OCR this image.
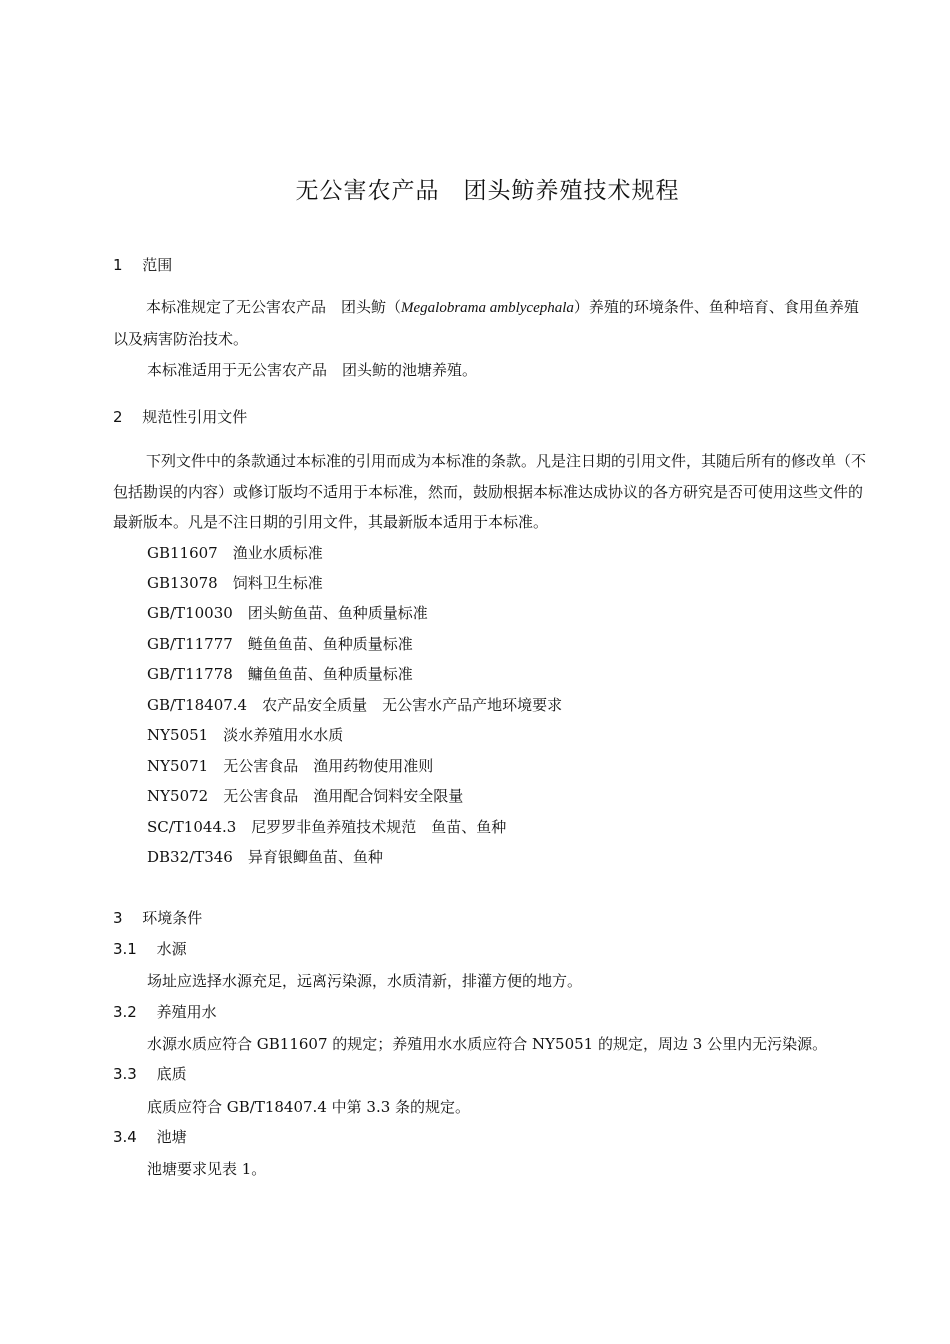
无公害农产品　团头鲂养殖技术规程
1　 范围
本标准规定了无公害农产品　团头鲂（Megalobrama amblycephala）养殖的环境条件、鱼种培育、食用鱼养殖以及病害防治技术。
本标准适用于无公害农产品　团头鲂的池塘养殖。
2　 规范性引用文件
下列文件中的条款通过本标准的引用而成为本标准的条款。凡是注日期的引用文件，其随后所有的修改单（不包括勘误的内容）或修订版均不适用于本标准，然而，鼓励根据本标准达成协议的各方研究是否可使用这些文件的最新版本。凡是不注日期的引用文件，其最新版本适用于本标准。
GB11607　渔业水质标准
GB13078　饲料卫生标准
GB/T10030　团头鲂鱼苗、鱼种质量标准
GB/T11777　鲢鱼鱼苗、鱼种质量标准
GB/T11778　鳙鱼鱼苗、鱼种质量标准
GB/T18407.4　农产品安全质量　无公害水产品产地环境要求
NY5051　淡水养殖用水水质
NY5071　无公害食品　渔用药物使用准则
NY5072　无公害食品　渔用配合饲料安全限量
SC/T1044.3　尼罗罗非鱼养殖技术规范　鱼苗、鱼种
DB32/T346　异育银鲫鱼苗、鱼种
3　 环境条件
3.1　 水源
场址应选择水源充足，远离污染源，水质清新，排灌方便的地方。
3.2　 养殖用水
水源水质应符合 GB11607 的规定；养殖用水水质应符合 NY5051 的规定，周边 3 公里内无污染源。
3.3　 底质
底质应符合 GB/T18407.4 中第 3.3 条的规定。
3.4　 池塘
池塘要求见表 1。
